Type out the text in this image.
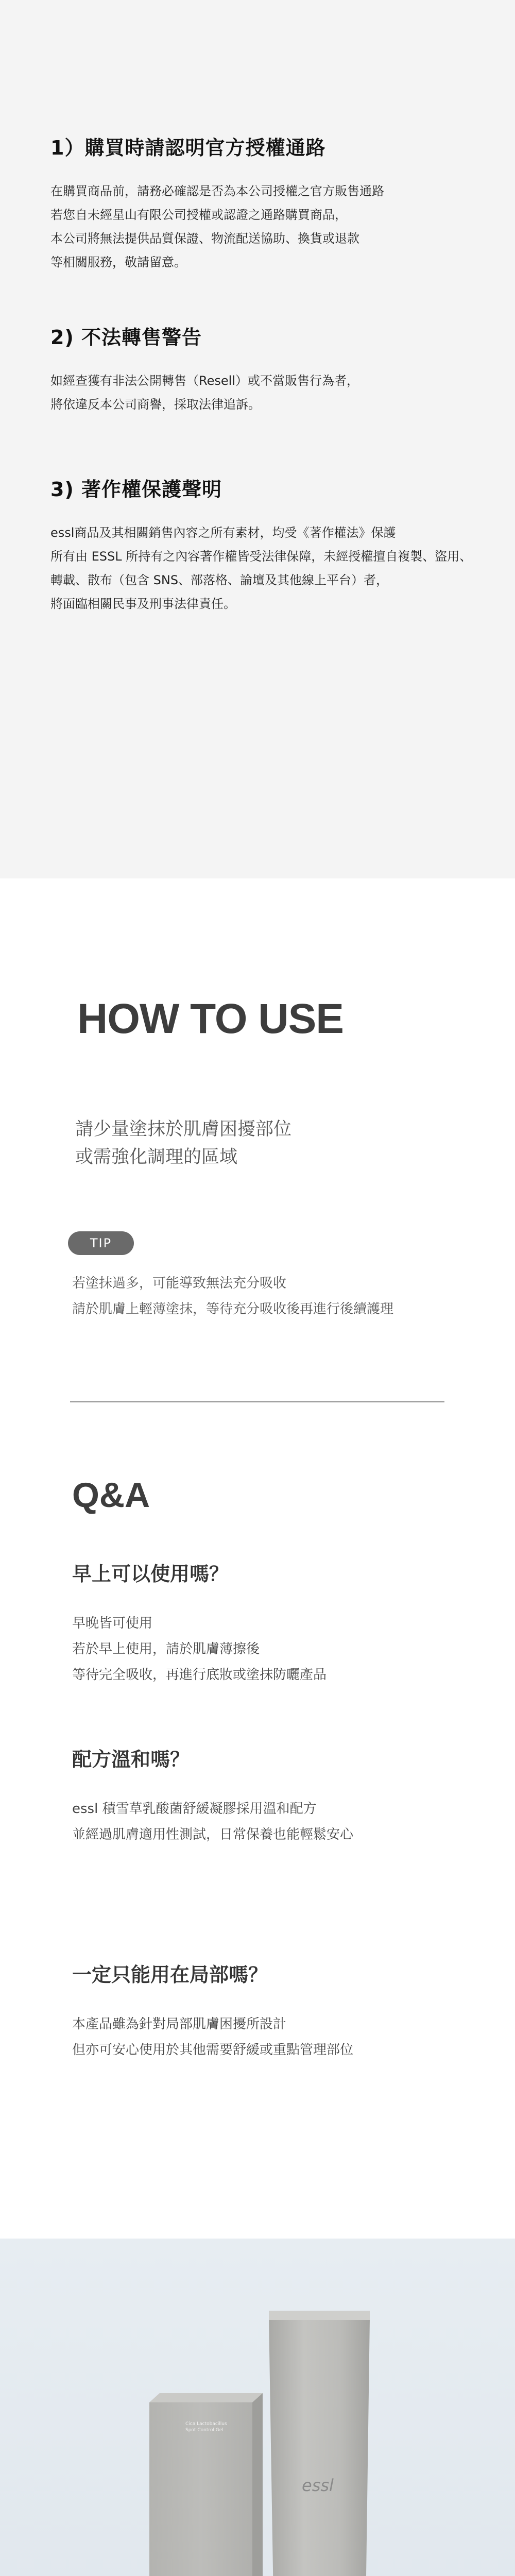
1）購買時請認明官方授權通路
在購買商品前，請務必確認是否為本公司授權之官方販售通路
若您自未經星山有限公司授權或認證之通路購買商品，
本公司將無法提供品質保證、物流配送協助、換貨或退款
等相關服務，敬請留意。
2) 不法轉售警告
如經查獲有非法公開轉售（Resell）或不當販售行為者，
將依違反本公司商譽，採取法律追訴。
3) 著作權保護聲明
essl商品及其相關銷售內容之所有素材，均受《著作權法》保護
所有由 ESSL 所持有之內容著作權皆受法律保障，未經授權擅自複製、盜用、
轉載、散布（包含 SNS、部落格、論壇及其他線上平台）者，
將面臨相關民事及刑事法律責任。
HOW TO USE
請少量塗抹於肌膚困擾部位
或需強化調理的區域
TIP
若塗抹過多，可能導致無法充分吸收
請於肌膚上輕薄塗抹，等待充分吸收後再進行後續護理
Q&A
早上可以使用嗎？
早晚皆可使用
若於早上使用，請於肌膚薄擦後
等待完全吸收，再進行底妝或塗抹防曬產品
配方溫和嗎？
essl 積雪草乳酸菌舒緩凝膠採用溫和配方
並經過肌膚適用性測試，日常保養也能輕鬆安心
一定只能用在局部嗎？
本產品雖為針對局部肌膚困擾所設計
但亦可安心使用於其他需要舒緩或重點管理部位
Cica Lactobacillus
Spot Control Gel
essl
